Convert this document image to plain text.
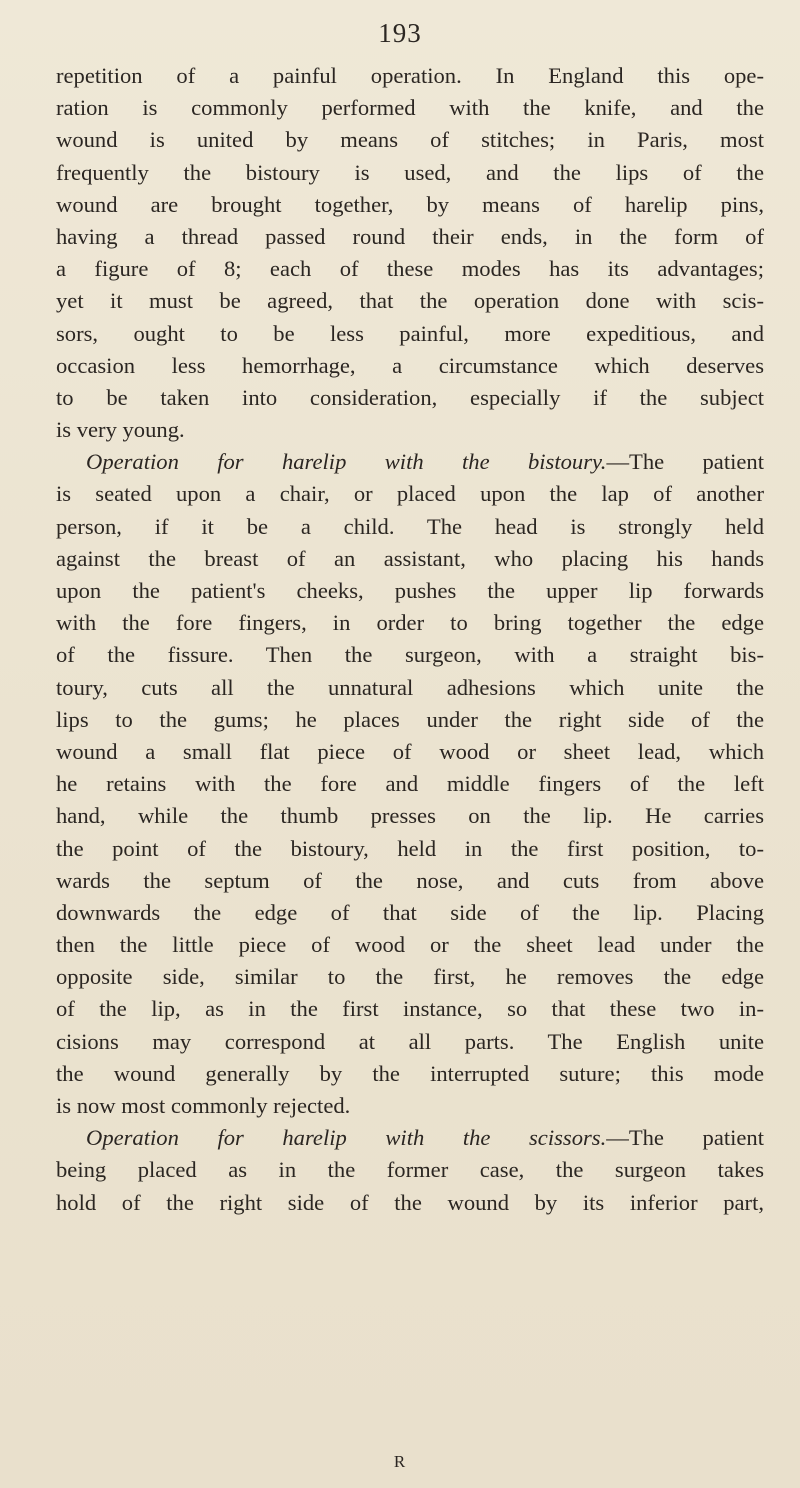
193
repetition of a painful operation. In England this ope-
ration is commonly performed with the knife, and the
wound is united by means of stitches; in Paris, most
frequently the bistoury is used, and the lips of the
wound are brought together, by means of harelip pins,
having a thread passed round their ends, in the form of
a figure of 8; each of these modes has its advantages;
yet it must be agreed, that the operation done with scis-
sors, ought to be less painful, more expeditious, and
occasion less hemorrhage, a circumstance which deserves
to be taken into consideration, especially if the subject
is very young.
Operation for harelip with the bistoury.—The patient
is seated upon a chair, or placed upon the lap of another
person, if it be a child. The head is strongly held
against the breast of an assistant, who placing his hands
upon the patient's cheeks, pushes the upper lip forwards
with the fore fingers, in order to bring together the edge
of the fissure. Then the surgeon, with a straight bis-
toury, cuts all the unnatural adhesions which unite the
lips to the gums; he places under the right side of the
wound a small flat piece of wood or sheet lead, which
he retains with the fore and middle fingers of the left
hand, while the thumb presses on the lip. He carries
the point of the bistoury, held in the first position, to-
wards the septum of the nose, and cuts from above
downwards the edge of that side of the lip. Placing
then the little piece of wood or the sheet lead under the
opposite side, similar to the first, he removes the edge
of the lip, as in the first instance, so that these two in-
cisions may correspond at all parts. The English unite
the wound generally by the interrupted suture; this mode
is now most commonly rejected.
Operation for harelip with the scissors.—The patient
being placed as in the former case, the surgeon takes
hold of the right side of the wound by its inferior part,
R
